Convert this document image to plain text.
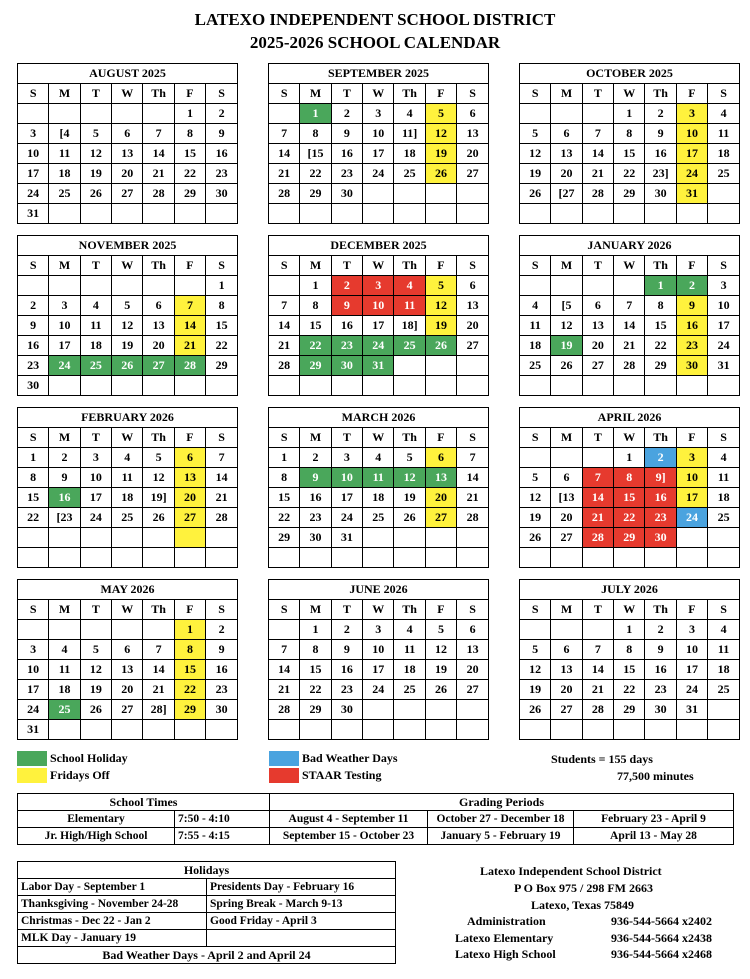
LATEXO INDEPENDENT SCHOOL DISTRICT
2025-2026 SCHOOL CALENDAR
AUGUST 2025						
S	M	T	W	Th	F	S
					1	2
3	[4	5	6	7	8	9
10	11	12	13	14	15	16
17	18	19	20	21	22	23
24	25	26	27	28	29	30
31						
SEPTEMBER 2025						
S	M	T	W	Th	F	S
	1	2	3	4	5	6
7	8	9	10	11]	12	13
14	[15	16	17	18	19	20
21	22	23	24	25	26	27
28	29	30				

OCTOBER 2025						
S	M	T	W	Th	F	S
			1	2	3	4
5	6	7	8	9	10	11
12	13	14	15	16	17	18
19	20	21	22	23]	24	25
26	[27	28	29	30	31	

NOVEMBER 2025						
S	M	T	W	Th	F	S
						1
2	3	4	5	6	7	8
9	10	11	12	13	14	15
16	17	18	19	20	21	22
23	24	25	26	27	28	29
30						
DECEMBER 2025						
S	M	T	W	Th	F	S
	1	2	3	4	5	6
7	8	9	10	11	12	13
14	15	16	17	18]	19	20
21	22	23	24	25	26	27
28	29	30	31			

JANUARY 2026						
S	M	T	W	Th	F	S
				1	2	3
4	[5	6	7	8	9	10
11	12	13	14	15	16	17
18	19	20	21	22	23	24
25	26	27	28	29	30	31

FEBRUARY 2026						
S	M	T	W	Th	F	S
1	2	3	4	5	6	7
8	9	10	11	12	13	14
15	16	17	18	19]	20	21
22	[23	24	25	26	27	28

MARCH 2026						
S	M	T	W	Th	F	S
1	2	3	4	5	6	7
8	9	10	11	12	13	14
15	16	17	18	19	20	21
22	23	24	25	26	27	28
29	30	31				

APRIL 2026						
S	M	T	W	Th	F	S
			1	2	3	4
5	6	7	8	9]	10	11
12	[13	14	15	16	17	18
19	20	21	22	23	24	25
26	27	28	29	30		

MAY 2026						
S	M	T	W	Th	F	S
					1	2
3	4	5	6	7	8	9
10	11	12	13	14	15	16
17	18	19	20	21	22	23
24	25	26	27	28]	29	30
31						
JUNE 2026						
S	M	T	W	Th	F	S
	1	2	3	4	5	6
7	8	9	10	11	12	13
14	15	16	17	18	19	20
21	22	23	24	25	26	27
28	29	30				

JULY 2026						
S	M	T	W	Th	F	S
			1	2	3	4
5	6	7	8	9	10	11
12	13	14	15	16	17	18
19	20	21	22	23	24	25
26	27	28	29	30	31	

School Holiday
Fridays Off
Bad Weather Days
STAAR Testing
Students = 155 days
77,500 minutes
School Times	
Elementary	7:50 - 4:10
Jr. High/High School	7:55 - 4:15
Grading Periods		
August 4 - September 11	October 27 - December 18	February 23 - April 9
September 15 - October 23	January 5 - February 19	April 13 - May 28
Holidays	
Labor Day - September 1	Presidents Day - February 16
Thanksgiving - November 24-28	Spring Break - March 9-13
Christmas - Dec 22 - Jan 2	Good Friday - April 3
MLK Day - January 19	
Bad Weather Days - April 2 and April 24	
Latexo Independent School District
P O Box 975 / 298 FM 2663
Latexo, Texas 75849
Administration	936-544-5664 x2402
Latexo Elementary	936-544-5664 x2438
Latexo High School	936-544-5664 x2468
